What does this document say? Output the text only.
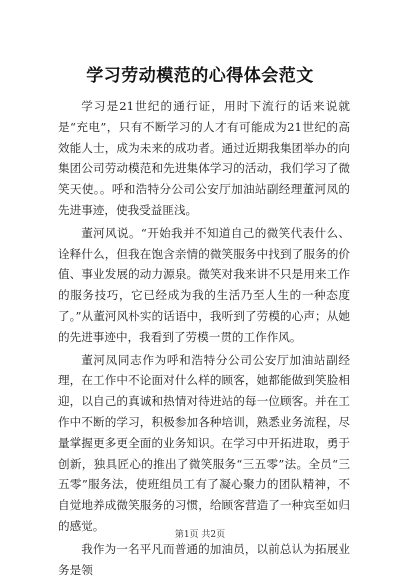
学习劳动模范的心得体会范文

学习是21世纪的通行证，用时下流行的话来说就是“充电”，只有不断学习的人才有可能成为21世纪的高效能人士，成为未来的成功者。通过近期我集团举办的向集团公司劳动模范和先进集体学习的活动，我们学习了微笑天使。。呼和浩特分公司公安厅加油站副经理董河凤的先进事迹，使我受益匪浅。

董河风说。“开始我并不知道自己的微笑代表什么、诠释什么，但我在饱含亲情的微笑服务中找到了服务的价值、事业发展的动力源泉。微笑对我来讲不只是用来工作的服务技巧，它已经成为我的生活乃至人生的一种态度了。”从董河风朴实的话语中，我听到了劳模的心声；从她的先进事迹中，我看到了劳模一贯的工作作风。

董河凤同志作为呼和浩特分公司公安厅加油站副经理，在工作中不论面对什么样的顾客，她都能做到笑脸相迎，以自己的真诚和热情对待进站的每一位顾客。并在工作中不断的学习，积极参加各种培训，熟悉业务流程，尽量掌握更多更全面的业务知识。在学习中开拓进取，勇于创新，独具匠心的推出了微笑服务“三五零”法。全员“三五零”服务法，使班组员工有了凝心聚力的团队精神，不自觉地养成微笑服务的习惯，给顾客营造了一种宾至如归的感觉。

我作为一名平凡而普通的加油员，以前总认为拓展业务是领

第1页 共2页
